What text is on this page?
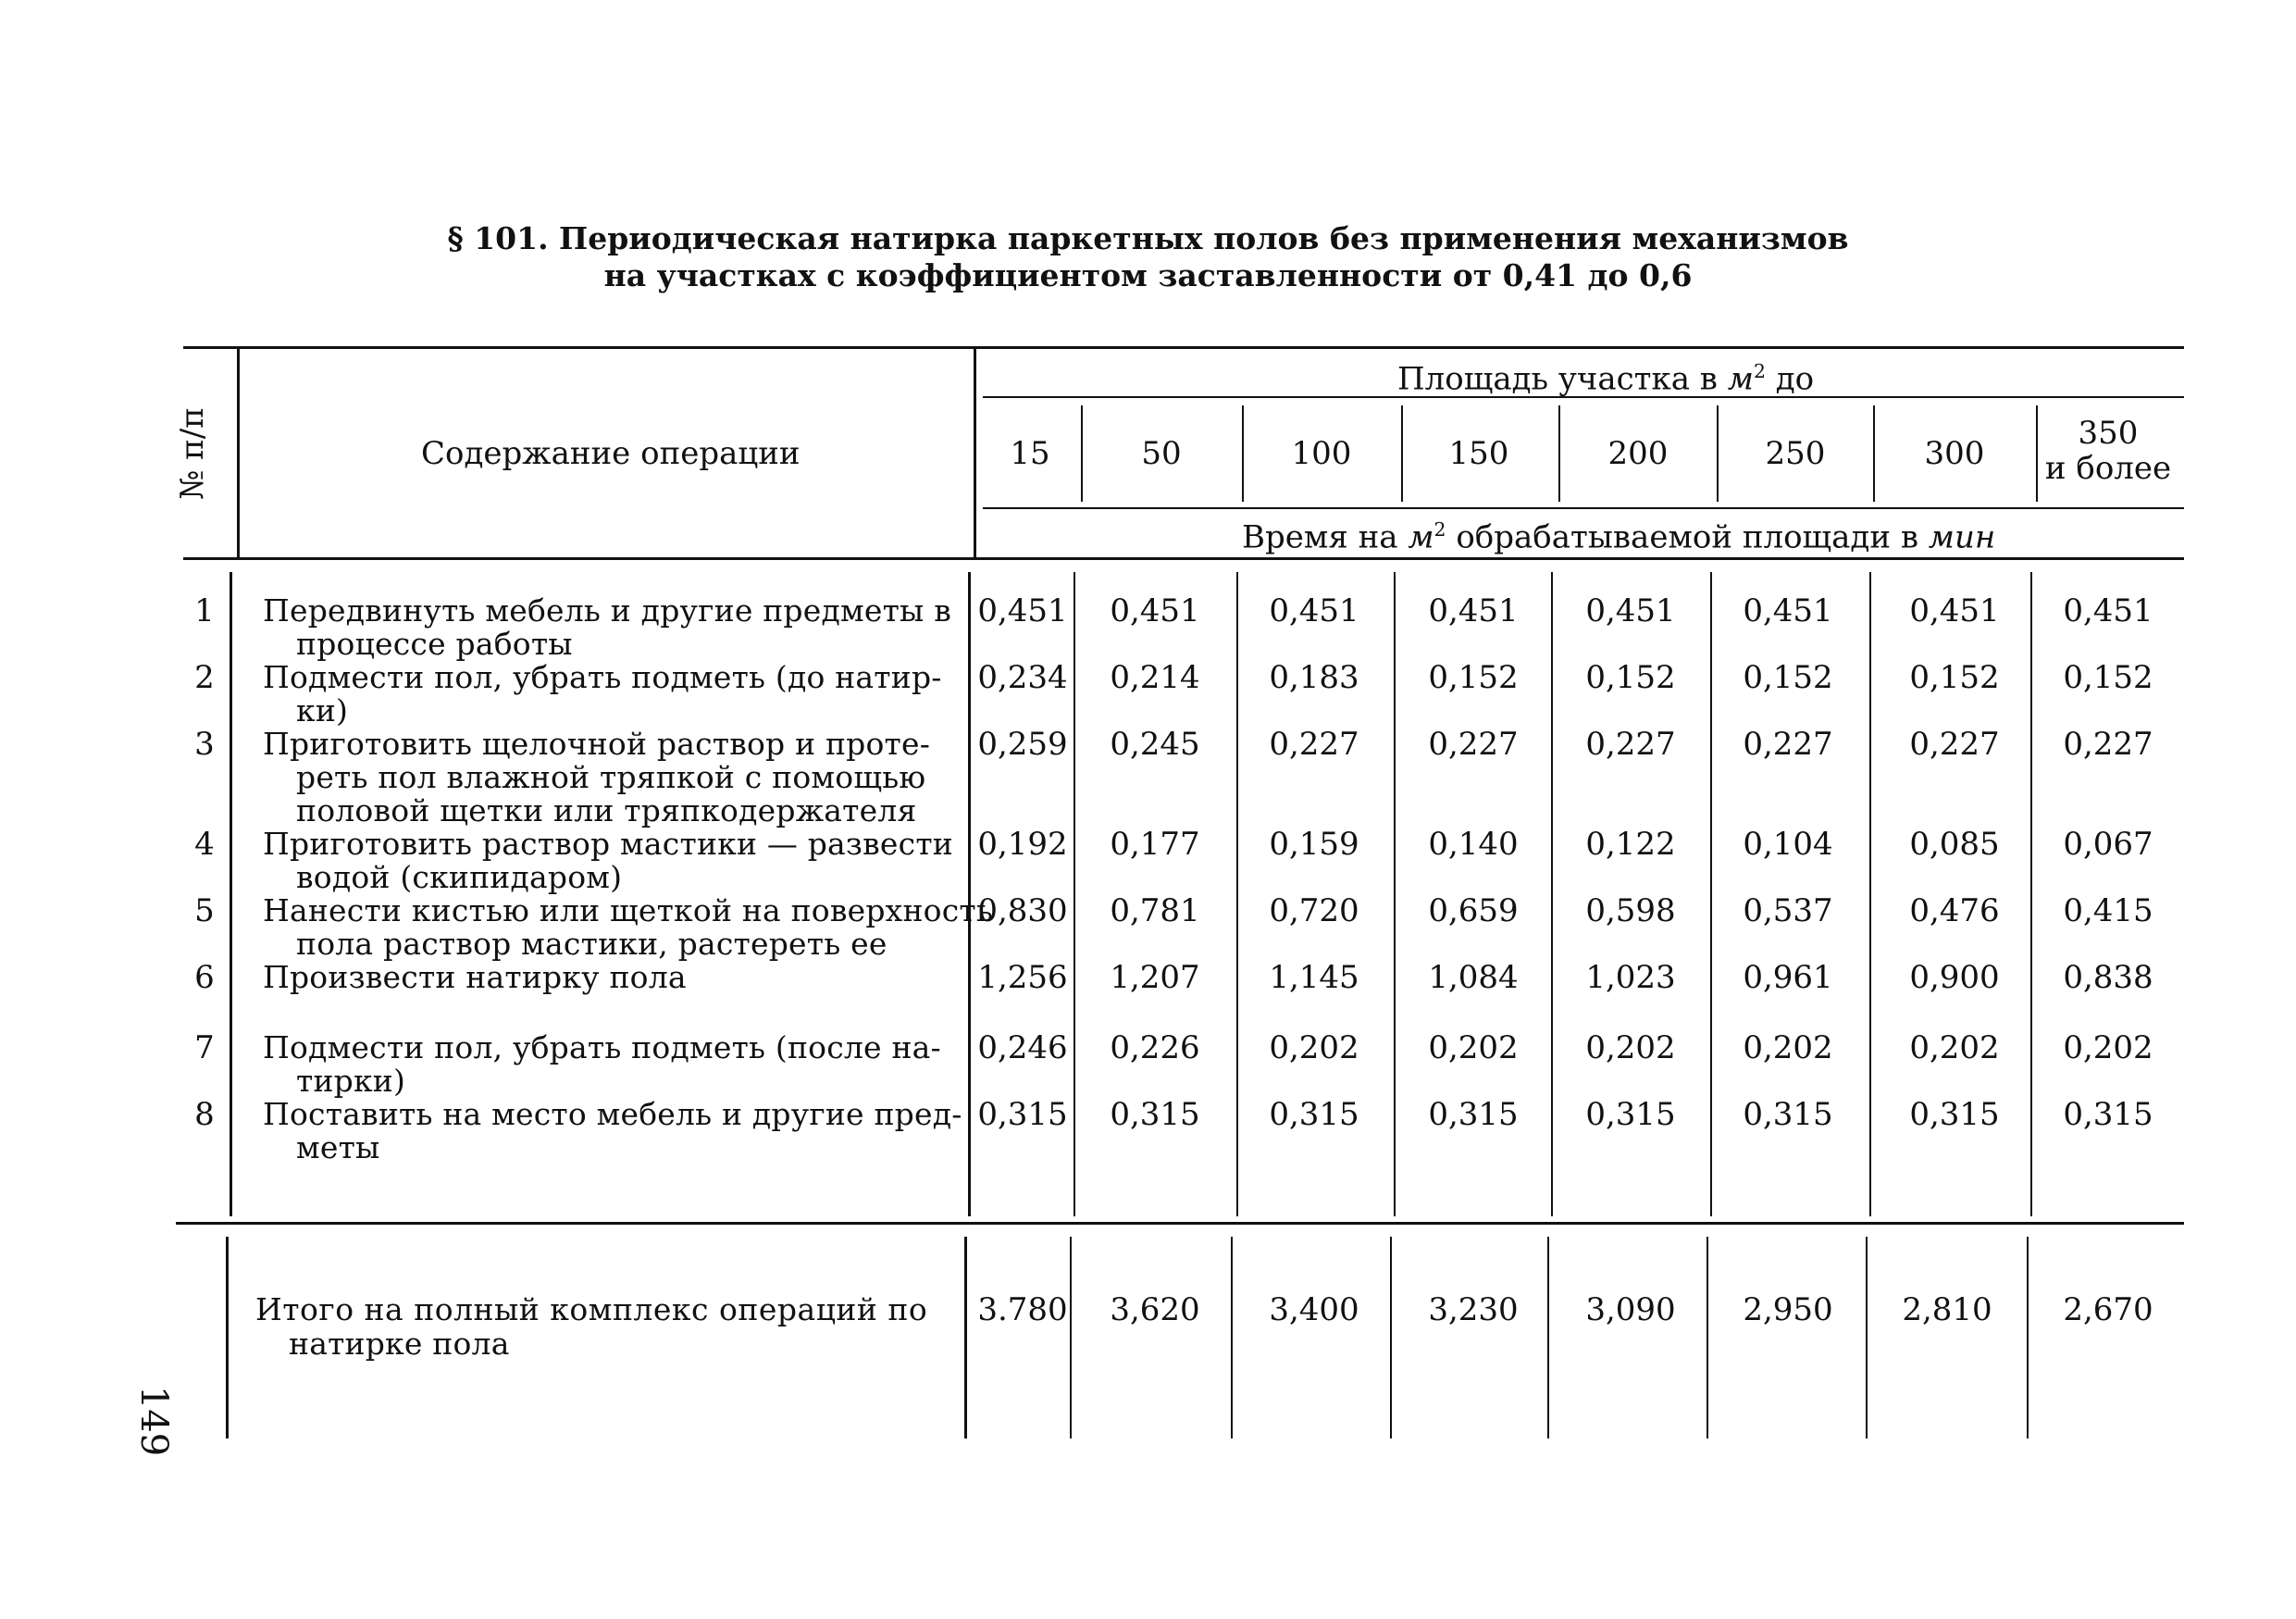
§ 101. Периодическая натирка паркетных полов без применения механизмов
на участках с коэффициентом заставленности от 0,41 до 0,6
№ п/п	Содержание операции
Площадь участка в $м^2$ до
15	50	100	150	200	250	300
350
и более
Время на $м^2$ обрабатываемой площади в мин
1 Передвинуть мебель и другие предметы в
процессе работы
0,451	0,451	0,451	0,451	0,451	0,451	0,451	0,451
2 Подмести пол, убрать подметь (до натир-
ки)
0,234	0,214	0,183	0,152	0,152	0,152	0,152	0,152
3 Приготовить щелочной раствор и проте-
реть пол влажной тряпкой с помощью
половой щетки или тряпкодержателя
0,259	0,245	0,227	0,227	0,227	0,227	0,227	0,227
4 Приготовить раствор мастики — развести
водой (скипидаром)
0,192	0,177	0,159	0,140	0,122	0,104	0,085	0,067
5 Нанести кистью или щеткой на поверхность
пола раствор мастики, растереть ее
0,830	0,781	0,720	0,659	0,598	0,537	0,476	0,415
6 Произвести натирку пола	1,256	1,207	1,145	1,084	1,023	0,961	0,900	0,838
7 Подмести пол, убрать подметь (после на-
тирки)
0,246	0,226	0,202	0,202	0,202	0,202	0,202	0,202
8 Поставить на место мебель и другие пред-
меты
0,315	0,315	0,315	0,315	0,315	0,315	0,315	0,315
Итого на полный комплекс операций по
натирке пола
3.780	3,620	3,400	3,230	3,090	2,950	2,810	2,670
149
